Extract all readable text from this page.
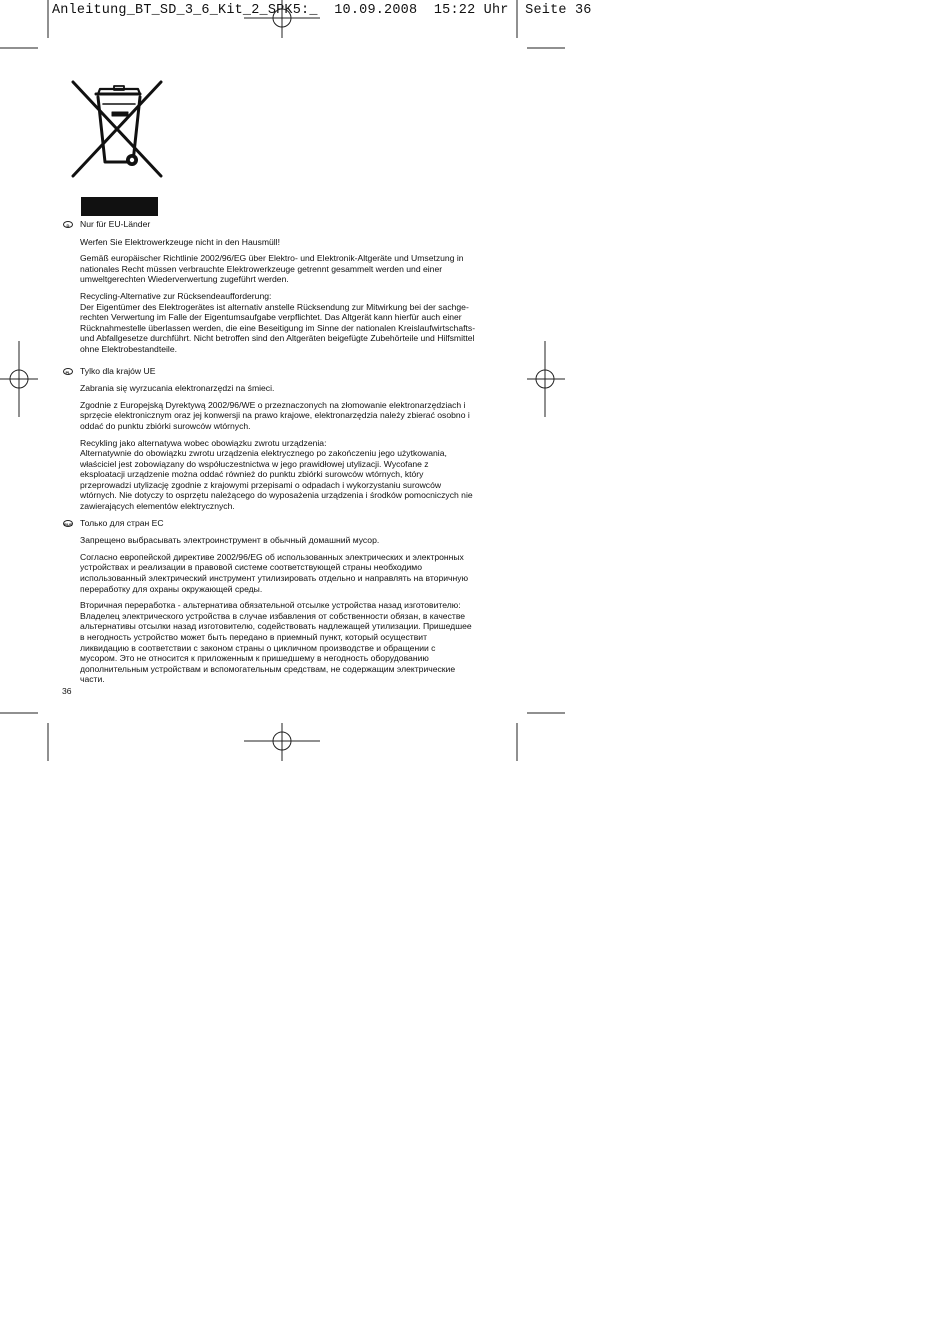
Anleitung_BT_SD_3_6_Kit_2_SPK5:_  10.09.2008  15:22 Uhr  Seite 36
D	Nur für EU-Länder

Werfen Sie Elektrowerkzeuge nicht in den Hausmüll!

Gemäß europäischer Richtlinie 2002/96/EG über Elektro- und Elektronik-Altgeräte und Umsetzung in
nationales Recht müssen verbrauchte Elektrowerkzeuge getrennt gesammelt werden und einer
umweltgerechten Wiederverwertung zugeführt werden.

Recycling-Alternative zur Rücksendeaufforderung:
Der Eigentümer des Elektrogerätes ist alternativ anstelle Rücksendung zur Mitwirkung bei der sachge-
rechten Verwertung im Falle der Eigentumsaufgabe verpflichtet. Das Altgerät kann hierfür auch einer
Rücknahmestelle überlassen werden, die eine Beseitigung im Sinne der nationalen Kreislaufwirtschafts-
und Abfallgesetze durchführt. Nicht betroffen sind den Altgeräten beigefügte Zubehörteile und Hilfsmittel
ohne Elektrobestandteile.

PL Tylko dla krajów UE

Zabrania się wyrzucania elektronarzędzi na śmieci.

Zgodnie z Europejską Dyrektywą 2002/96/WE o przeznaczonych na złomowanie elektronarzędziach i
sprzęcie elektronicznym oraz jej konwersji na prawo krajowe, elektronarzędzia należy zbierać osobno i
oddać do punktu zbiórki surowców wtórnych.

Recykling jako alternatywa wobec obowiązku zwrotu urządzenia:
Alternatywnie do obowiązku zwrotu urządzenia elektrycznego po zakończeniu jego użytkowania,
właściciel jest zobowiązany do współuczestnictwa w jego prawidłowej utylizacji. Wycofane z
eksploatacji urządzenie można oddać również do punktu zbiórki surowców wtórnych, który
przeprowadzi utylizację zgodnie z krajowymi przepisami o odpadach i wykorzystaniu surowców
wtórnych. Nie dotyczy to osprzętu należącego do wyposażenia urządzenia i środków pomocniczych nie
zawierających elementów elektrycznych.

RUS Только для стран ЕС

Запрещено выбрасывать электроинструмент в обычный домашний мусор.

Согласно европейской директиве 2002/96/EG об использованных электрических и электронных
устройствах и реализации в правовой системе соответствующей страны необходимо
использованный электрический инструмент утилизировать отдельно и направлять на вторичную
переработку для охраны окружающей среды.

Вторичная переработка - альтернатива обязательной отсылке устройства назад изготовителю:
Владелец электрического устройства в случае избавления от собственности обязан, в качестве
альтернативы отсылки назад изготовителю, содействовать надлежащей утилизации. Пришедшее
в негодность устройство может быть передано в приемный пункт, который осуществит
ликвидацию в соответствии с законом страны о цикличном производстве и обращении с
мусором. Это не относится к приложенным к пришедшему в негодность оборудованию
дополнительным устройствам и вспомогательным средствам, не содержащим электрические
части.

36
